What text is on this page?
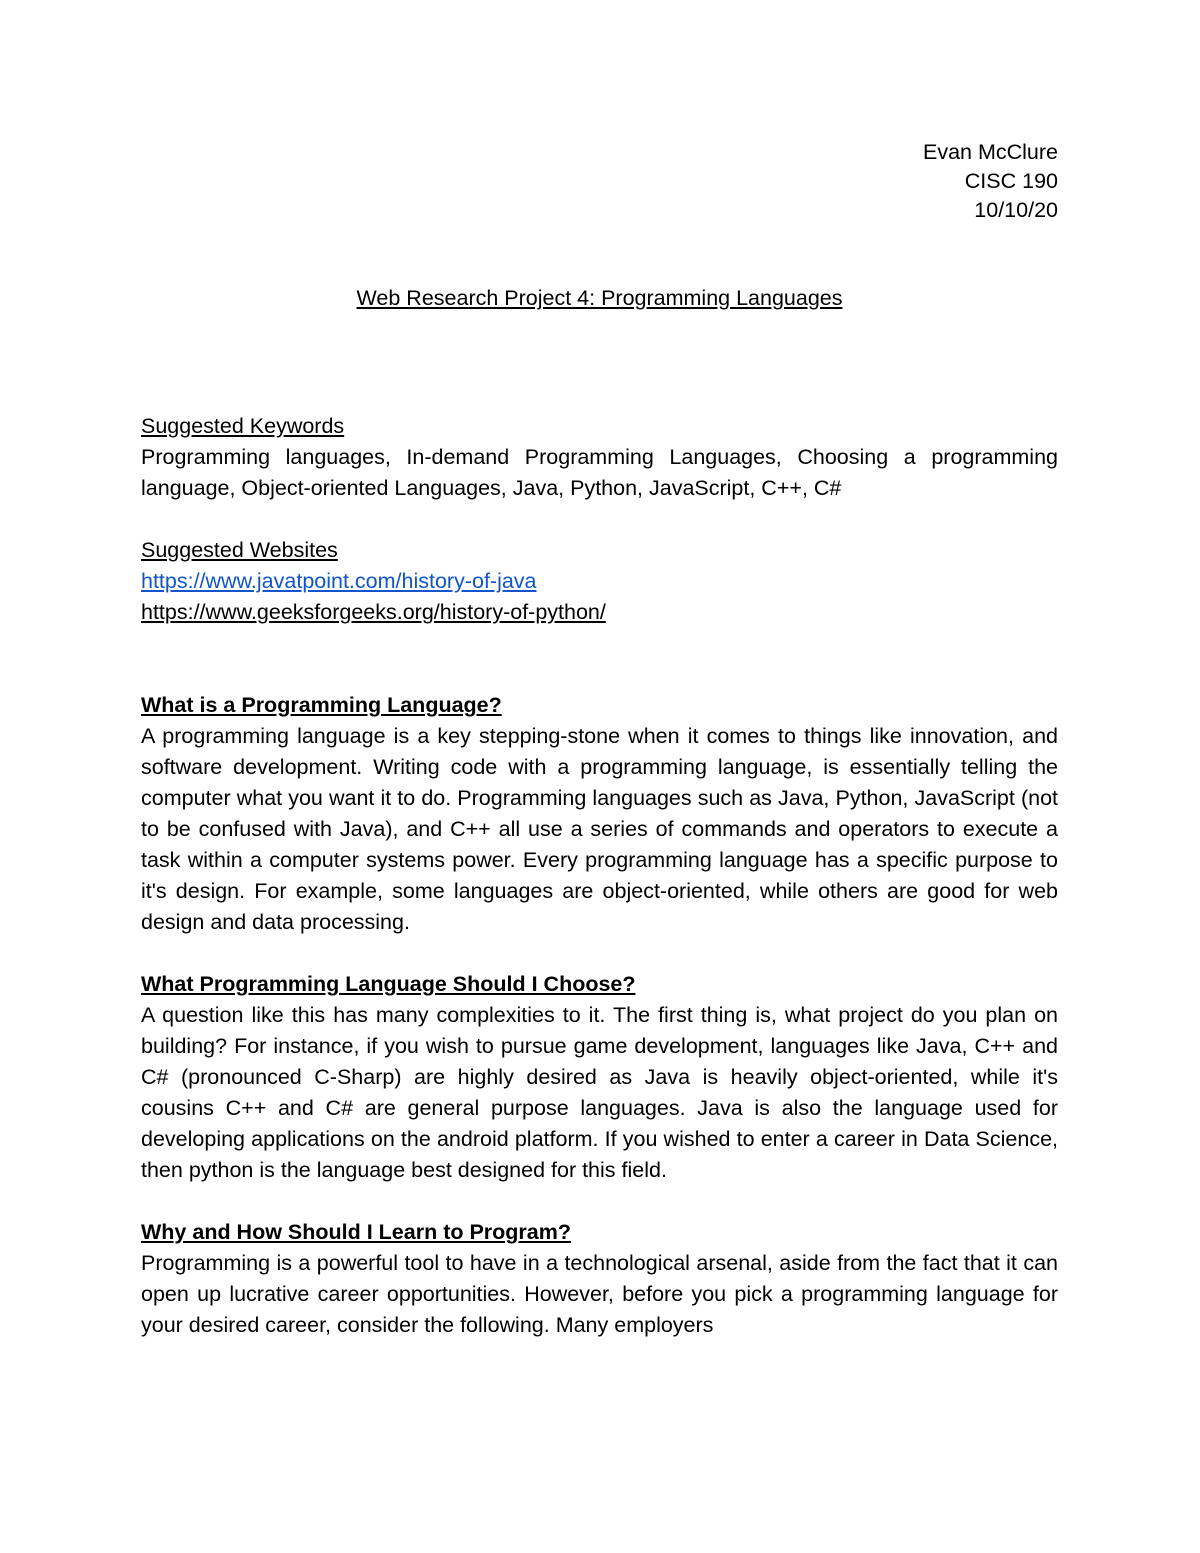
Evan McClure
CISC 190
10/10/20
Web Research Project 4: Programming Languages
Suggested Keywords
Programming languages, In-demand Programming Languages, Choosing a programming language, Object-oriented Languages, Java, Python, JavaScript, C++, C#
Suggested Websites
https://www.javatpoint.com/history-of-java
https://www.geeksforgeeks.org/history-of-python/
What is a Programming Language?
A programming language is a key stepping-stone when it comes to things like innovation, and software development. Writing code with a programming language, is essentially telling the computer what you want it to do. Programming languages such as Java, Python, JavaScript (not to be confused with Java), and C++ all use a series of commands and operators to execute a task within a computer systems power. Every programming language has a specific purpose to it's design. For example, some languages are object-oriented, while others are good for web design and data processing.
What Programming Language Should I Choose?
A question like this has many complexities to it. The first thing is, what project do you plan on building? For instance, if you wish to pursue game development, languages like Java, C++ and C# (pronounced C-Sharp) are highly desired as Java is heavily object-oriented, while it's cousins C++ and C# are general purpose languages. Java is also the language used for developing applications on the android platform. If you wished to enter a career in Data Science, then python is the language best designed for this field.
Why and How Should I Learn to Program?
Programming is a powerful tool to have in a technological arsenal, aside from the fact that it can open up lucrative career opportunities. However, before you pick a programming language for your desired career, consider the following. Many employers
